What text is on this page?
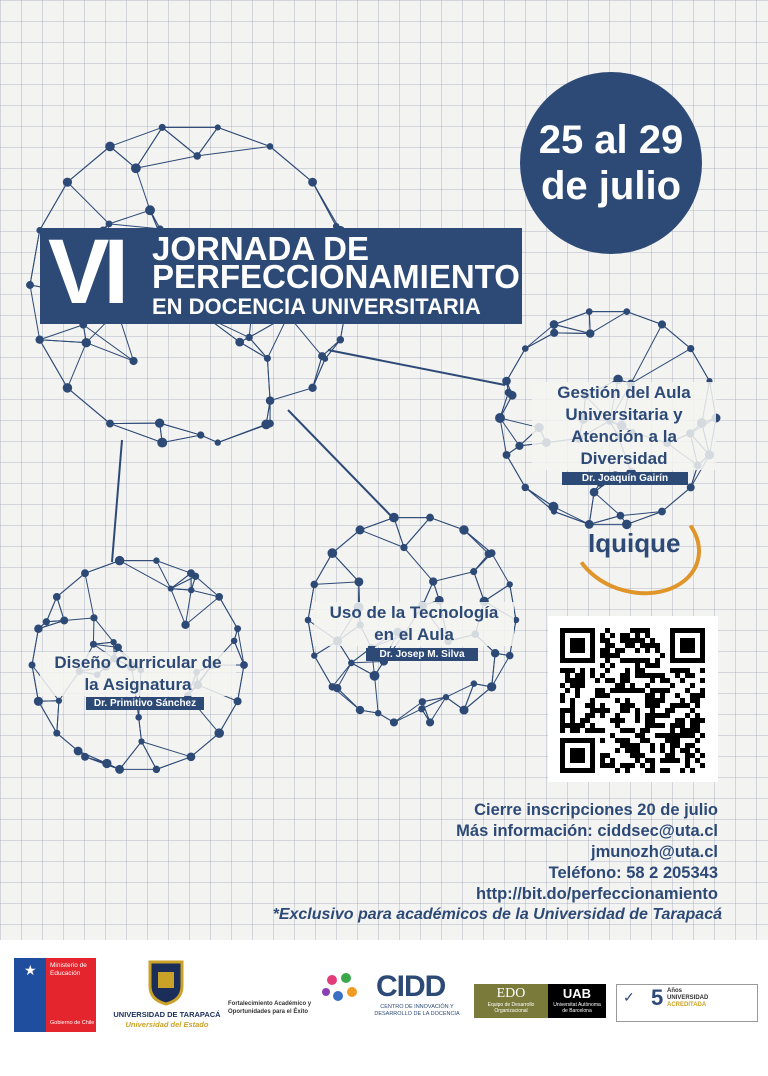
25 al 29
de julio
VI JORNADA DE
PERFECCIONAMIENTO
EN DOCENCIA UNIVERSITARIA
Gestión del Aula
Universitaria y
Atención a la
Diversidad
Dr. Joaquín Gairín
Uso de la Tecnología
en el Aula
Dr. Josep M. Silva
Diseño Curricular de
la Asignatura
Dr. Primitivo Sánchez
Iquique
Cierre inscripciones 20 de julio
Más información: ciddsec@uta.cl
jmunozh@uta.cl
Teléfono: 58 2 205343
http://bit.do/perfeccionamiento
*Exclusivo para académicos de la Universidad de Tarapacá
★ Ministerio de
Educación
Gobierno de Chile
UNIVERSIDAD DE TARAPACÁ
Universidad del Estado
Fortalecimiento Académico y
Oportunidades para el Éxito
CIDD
CENTRO DE INNOVACIÓN Y
DESARROLLO DE LA DOCENCIA
EDO
Equipo de Desarrollo
Organizacional
UAB
Universitat Autònoma
de Barcelona
✓ 5 Años
UNIVERSIDAD
ACREDITADA
